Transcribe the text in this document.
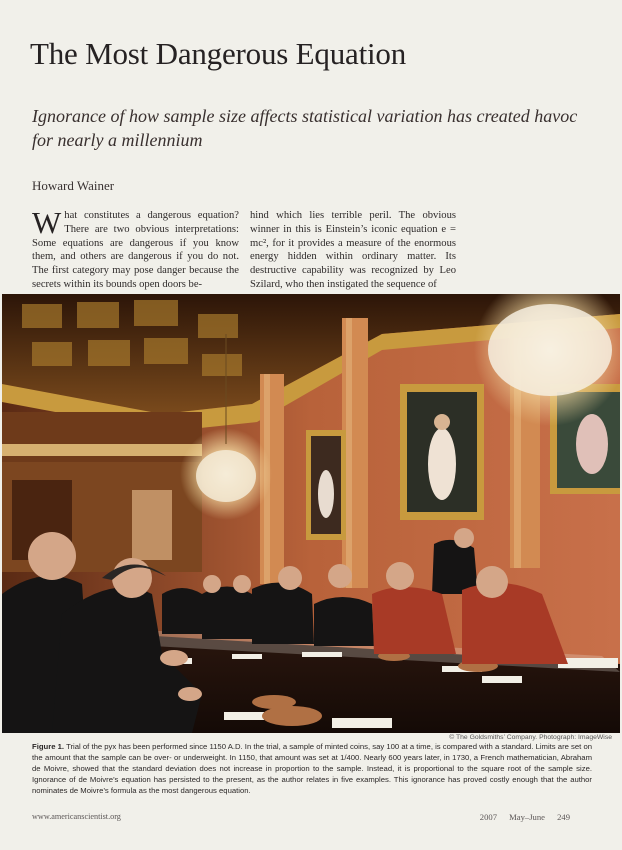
The Most Dangerous Equation

Ignorance of how sample size affects statistical variation has created havoc for nearly a millennium

Howard Wainer
What constitutes a dangerous equation? There are two obvious interpretations: Some equations are dangerous if you know them, and others are dangerous if you do not. The first category may pose danger because the secrets within its bounds open doors be-
hind which lies terrible peril. The obvious winner in this is Einstein’s iconic equation e = mc², for it provides a measure of the enormous energy hidden within ordinary matter. Its destructive capability was recognized by Leo Szilard, who then instigated the sequence of
© The Goldsmiths’ Company. Photograph: ImageWise
Figure 1. Trial of the pyx has been performed since 1150 A.D. In the trial, a sample of minted coins, say 100 at a time, is compared with a standard. Limits are set on the amount that the sample can be over- or underweight. In 1150, that amount was set at 1/400. Nearly 600 years later, in 1730, a French mathematician, Abraham de Moivre, showed that the standard deviation does not increase in proportion to the sample. Instead, it is proportional to the square root of the sample size. Ignorance of de Moivre’s equation has persisted to the present, as the author relates in five examples. This ignorance has proved costly enough that the author nominates de Moivre’s formula as the most dangerous equation.
www.americanscientist.org	2007 May–June 249
